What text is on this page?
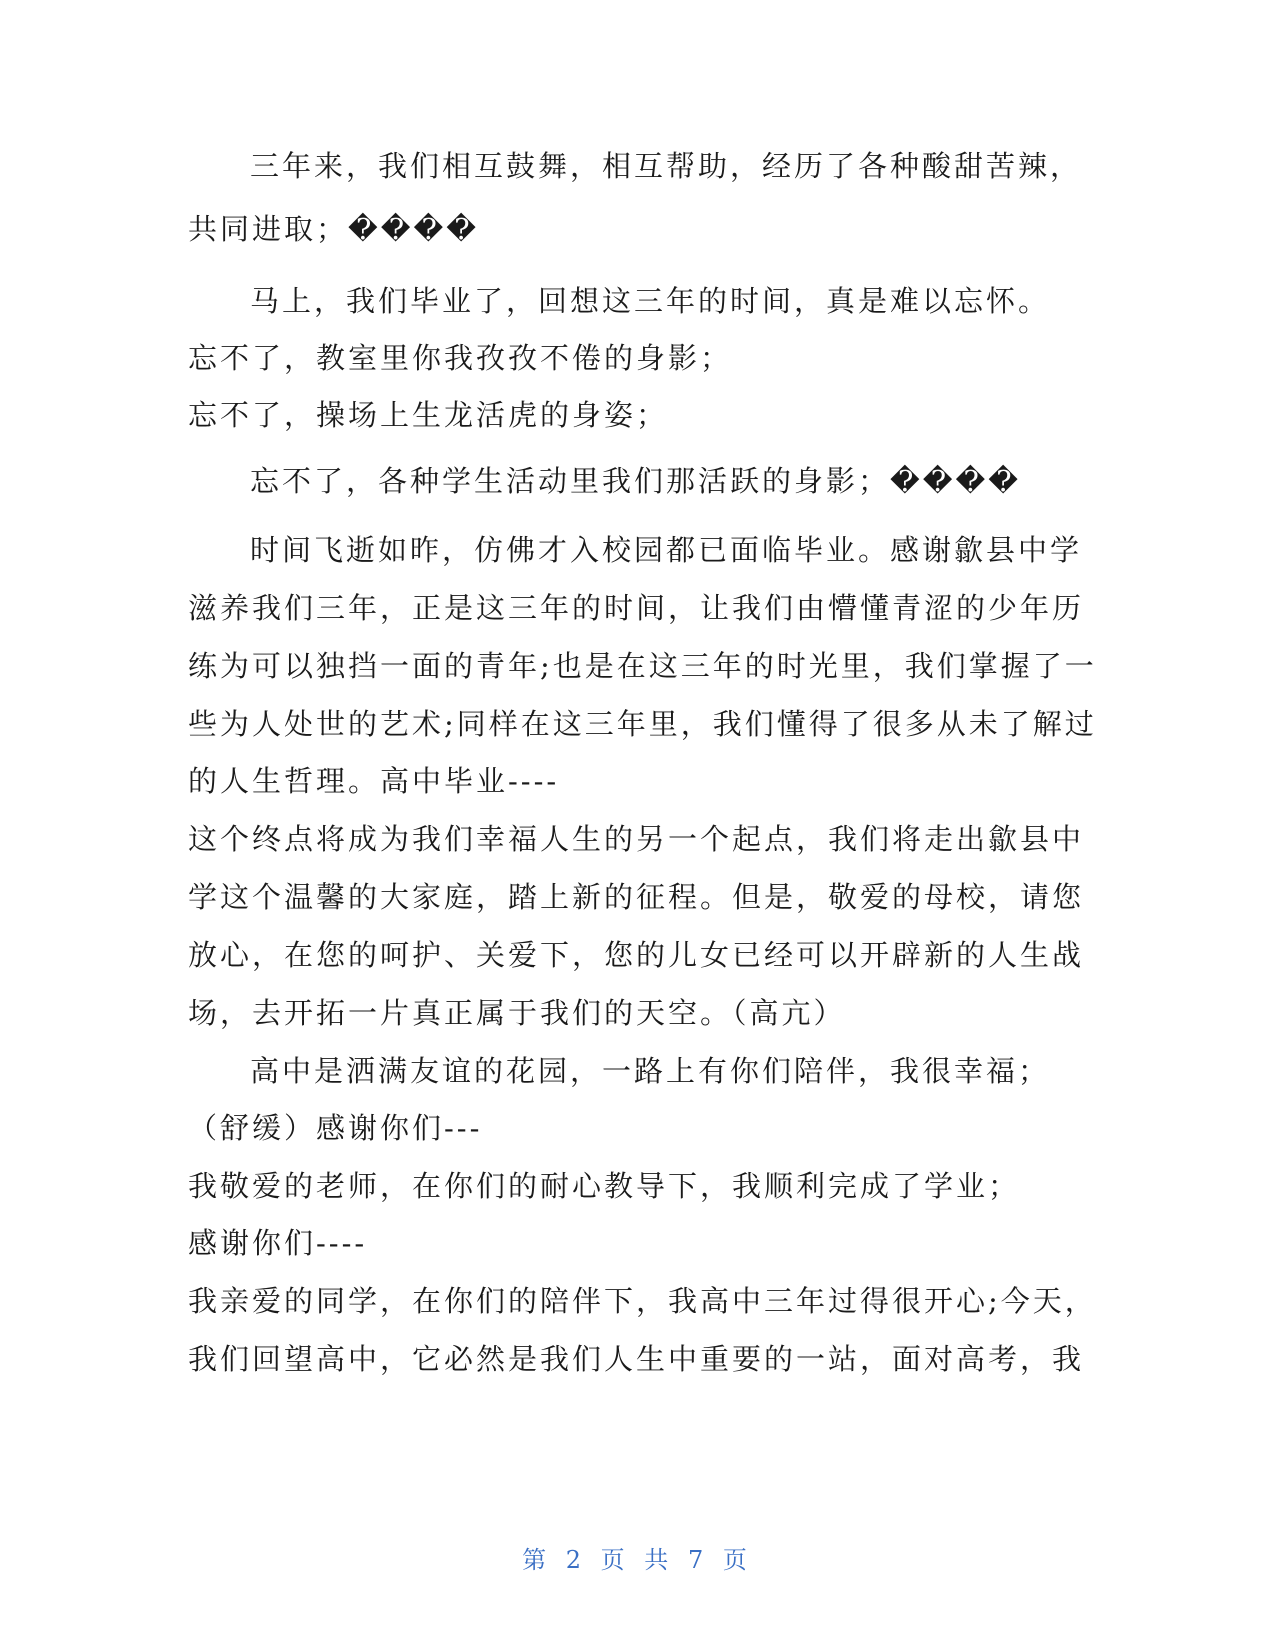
三年来，我们相互鼓舞，相互帮助，经历了各种酸甜苦辣，
共同进取；����
马上，我们毕业了，回想这三年的时间，真是难以忘怀。
忘不了，教室里你我孜孜不倦的身影；
忘不了，操场上生龙活虎的身姿；
忘不了，各种学生活动里我们那活跃的身影；����
时间飞逝如昨，仿佛才入校园都已面临毕业。感谢歙县中学
滋养我们三年，正是这三年的时间，让我们由懵懂青涩的少年历
练为可以独挡一面的青年;也是在这三年的时光里，我们掌握了一
些为人处世的艺术;同样在这三年里，我们懂得了很多从未了解过
的人生哲理。高中毕业----
这个终点将成为我们幸福人生的另一个起点，我们将走出歙县中
学这个温馨的大家庭，踏上新的征程。但是，敬爱的母校，请您
放心，在您的呵护、关爱下，您的儿女已经可以开辟新的人生战
场，去开拓一片真正属于我们的天空。（高亢）
高中是洒满友谊的花园，一路上有你们陪伴，我很幸福；
（舒缓）感谢你们---
我敬爱的老师，在你们的耐心教导下，我顺利完成了学业；
感谢你们----
我亲爱的同学，在你们的陪伴下，我高中三年过得很开心;今天，
我们回望高中，它必然是我们人生中重要的一站，面对高考，我
第 2 页 共 7 页
